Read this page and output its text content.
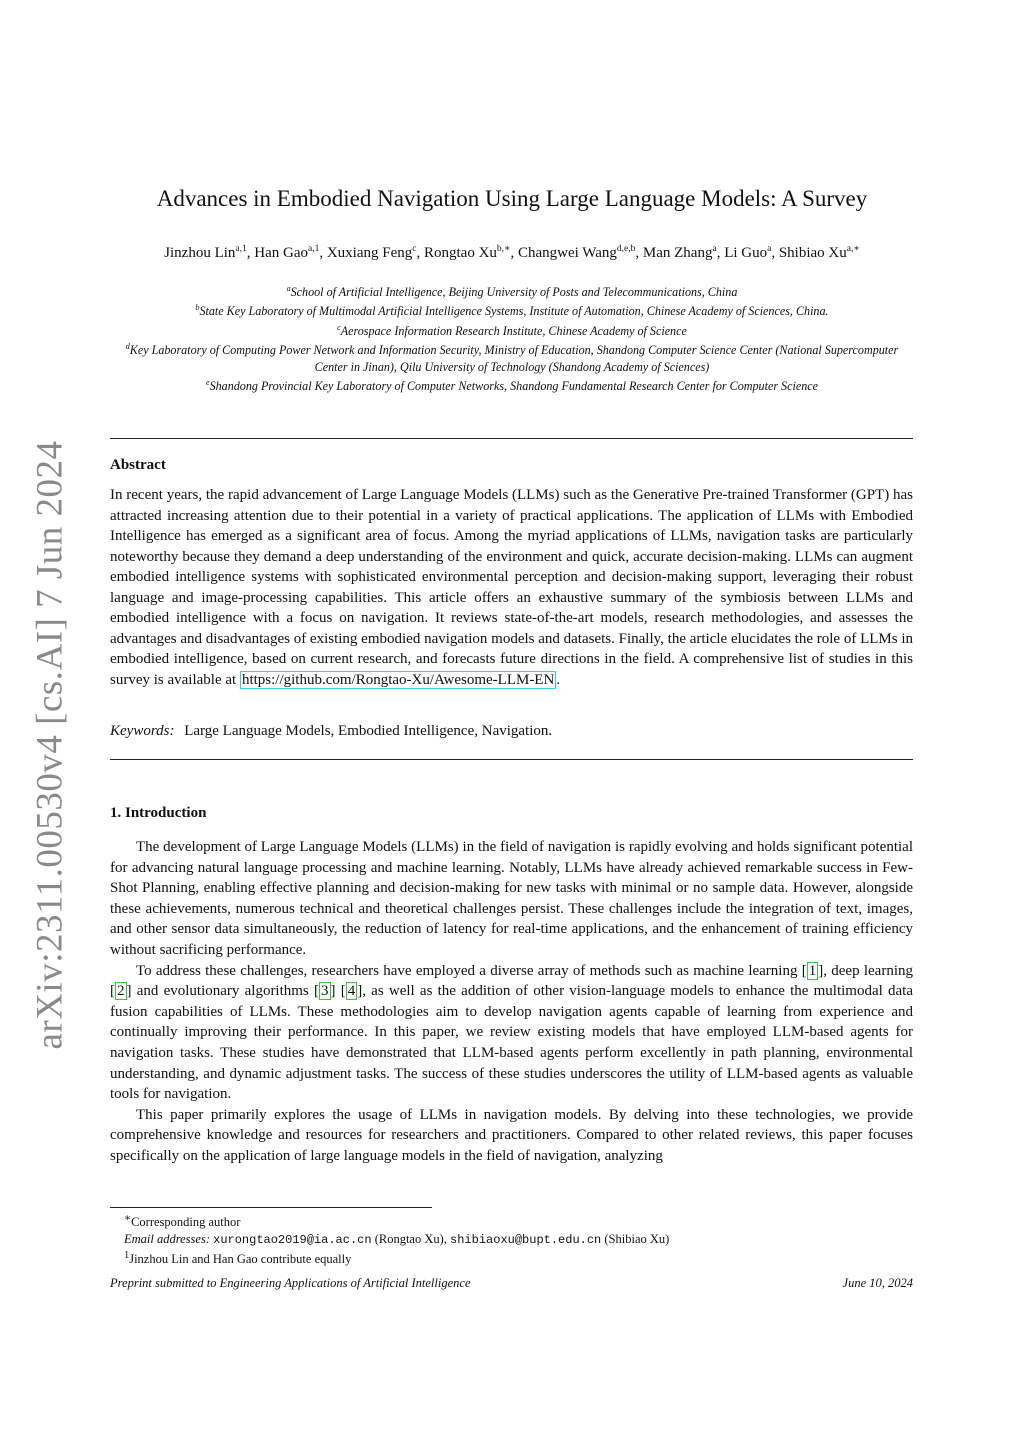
arXiv:2311.00530v4 [cs.AI] 7 Jun 2024
Advances in Embodied Navigation Using Large Language Models: A Survey
Jinzhou Lin$^{a,1}$, Han Gao$^{a,1}$, Xuxiang Feng$^c$, Rongtao $Xu^{b,∗}$, Changwei Wang$^{d,e,b}$, Man Zhang$^a$, Li Guo$^a$, Shibiao $Xu^{a,∗}$
$^a$School of Artificial Intelligence, Beijing University of Posts and Telecommunications, China
$^b$State Key Laboratory of Multimodal Artificial Intelligence Systems, Institute of Automation, Chinese Academy of Sciences, China.
$^c$Aerospace Information Research Institute, Chinese Academy of Science
$^d$Key Laboratory of Computing Power Network and Information Security, Ministry of Education, Shandong Computer Science Center (National Supercomputer Center in Jinan), Qilu University of Technology (Shandong Academy of Sciences)
$^e$Shandong Provincial Key Laboratory of Computer Networks, Shandong Fundamental Research Center for Computer Science
Abstract
In recent years, the rapid advancement of Large Language Models (LLMs) such as the Generative Pre-trained Transformer (GPT) has attracted increasing attention due to their potential in a variety of practical applications. The application of LLMs with Embodied Intelligence has emerged as a significant area of focus. Among the myriad applications of LLMs, navigation tasks are particularly noteworthy because they demand a deep understanding of the environment and quick, accurate decision-making. LLMs can augment embodied intelligence systems with sophisticated environmental perception and decision-making support, leveraging their robust language and image-processing capabilities. This article offers an exhaustive summary of the symbiosis between LLMs and embodied intelligence with a focus on navigation. It reviews state-of-the-art models, research methodologies, and assesses the advantages and disadvantages of existing embodied navigation models and datasets. Finally, the article elucidates the role of LLMs in embodied intelligence, based on current research, and forecasts future directions in the field. A comprehensive list of studies in this survey is available at https://github.com/Rongtao-Xu/Awesome-LLM-EN .
Keywords: Large Language Models, Embodied Intelligence, Navigation.
1. Introduction

The development of Large Language Models (LLMs) in the field of navigation is rapidly evolving and holds significant potential for advancing natural language processing and machine learning. Notably, LLMs have already achieved remarkable success in Few-Shot Planning, enabling effective planning and decision-making for new tasks with minimal or no sample data. However, alongside these achievements, numerous technical and theoretical challenges persist. These challenges include the integration of text, images, and other sensor data simultaneously, the reduction of latency for real-time applications, and the enhancement of training efficiency without sacrificing performance.

To address these challenges, researchers have employed a diverse array of methods such as machine learning [ 1 ], deep learning [ 2 ] and evolutionary algorithms [ 3 ] [ 4 ], as well as the addition of other vision-language models to enhance the multimodal data fusion capabilities of LLMs. These methodologies aim to develop navigation agents capable of learning from experience and continually improving their performance. In this paper, we review existing models that have employed LLM-based agents for navigation tasks. These studies have demonstrated that LLM-based agents perform excellently in path planning, environmental understanding, and dynamic adjustment tasks. The success of these studies underscores the utility of LLM-based agents as valuable tools for navigation.

This paper primarily explores the usage of LLMs in navigation models. By delving into these technologies, we provide comprehensive knowledge and resources for researchers and practitioners. Compared to other related reviews, this paper focuses specifically on the application of large language models in the field of navigation, analyzing

∗Corresponding author
Email addresses: xurongtao2019@ia.ac.cn (Rongtao Xu), shibiaoxu@bupt.edu.cn (Shibiao Xu)
$^1$Jinzhou Lin and Han Gao contribute equally
Preprint submitted to Engineering Applications of Artificial Intelligence	June 10, 2024
